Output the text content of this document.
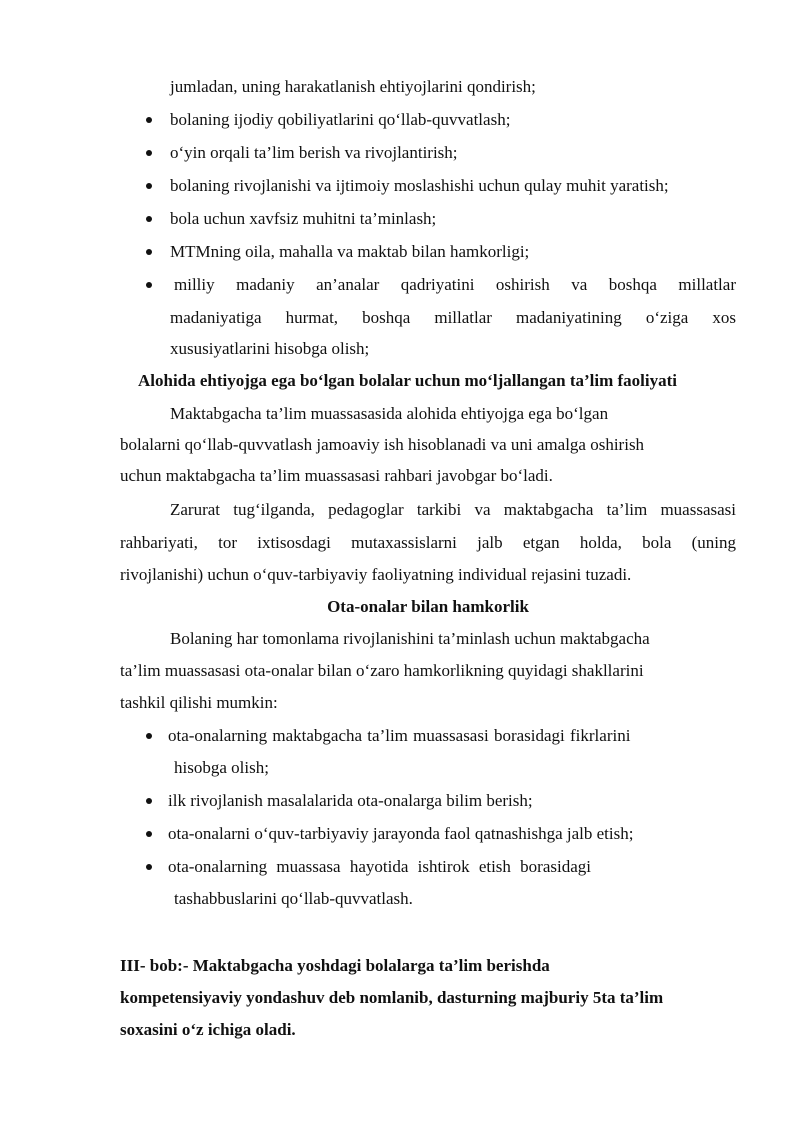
jumladan, uning harakatlanish ehtiyojlarini qondirish;
bolaning ijodiy qobiliyatlarini qo‘llab-quvvatlash;
o‘yin orqali ta’lim berish va rivojlantirish;
bolaning rivojlanishi va ijtimoiy moslashishi uchun qulay muhit yaratish;
bola uchun xavfsiz muhitni ta’minlash;
MTMning oila, mahalla va maktab bilan hamkorligi;
milliy madaniy an’analar qadriyatini oshirish va boshqa millatlar
madaniyatiga hurmat, boshqa millatlar madaniyatining o‘ziga xos
xususiyatlarini hisobga olish;
Alohida ehtiyojga ega bo‘lgan bolalar uchun mo‘ljallangan ta’lim faoliyati
Maktabgacha ta’lim muassasasida alohida ehtiyojga ega bo‘lgan
bolalarni qo‘llab-quvvatlash jamoaviy ish hisoblanadi va uni amalga oshirish
uchun maktabgacha ta’lim muassasasi rahbari javobgar bo‘ladi.
Zarurat tug‘ilganda, pedagoglar tarkibi va maktabgacha ta’lim muassasasi
rahbariyati, tor ixtisosdagi mutaxassislarni jalb etgan holda, bola (uning
rivojlanishi) uchun o‘quv-tarbiyaviy faoliyatning individual rejasini tuzadi.
Ota-onalar bilan hamkorlik
Bolaning har tomonlama rivojlanishini ta’minlash uchun maktabgacha
ta’lim muassasasi ota-onalar bilan o‘zaro hamkorlikning quyidagi shakllarini
tashkil qilishi mumkin:
ota-onalarning maktabgacha ta’lim muassasasi borasidagi fikrlarini
hisobga olish;
ilk rivojlanish masalalarida ota-onalarga bilim berish;
ota-onalarni o‘quv-tarbiyaviy jarayonda faol qatnashishga jalb etish;
ota-onalarning muassasa hayotida ishtirok etish borasidagi
tashabbuslarini qo‘llab-quvvatlash.
III- bob:- Maktabgacha yoshdagi bolalarga ta’lim berishda
kompetensiyaviy yondashuv deb nomlanib, dasturning majburiy 5ta ta’lim
soxasini o‘z ichiga oladi.
